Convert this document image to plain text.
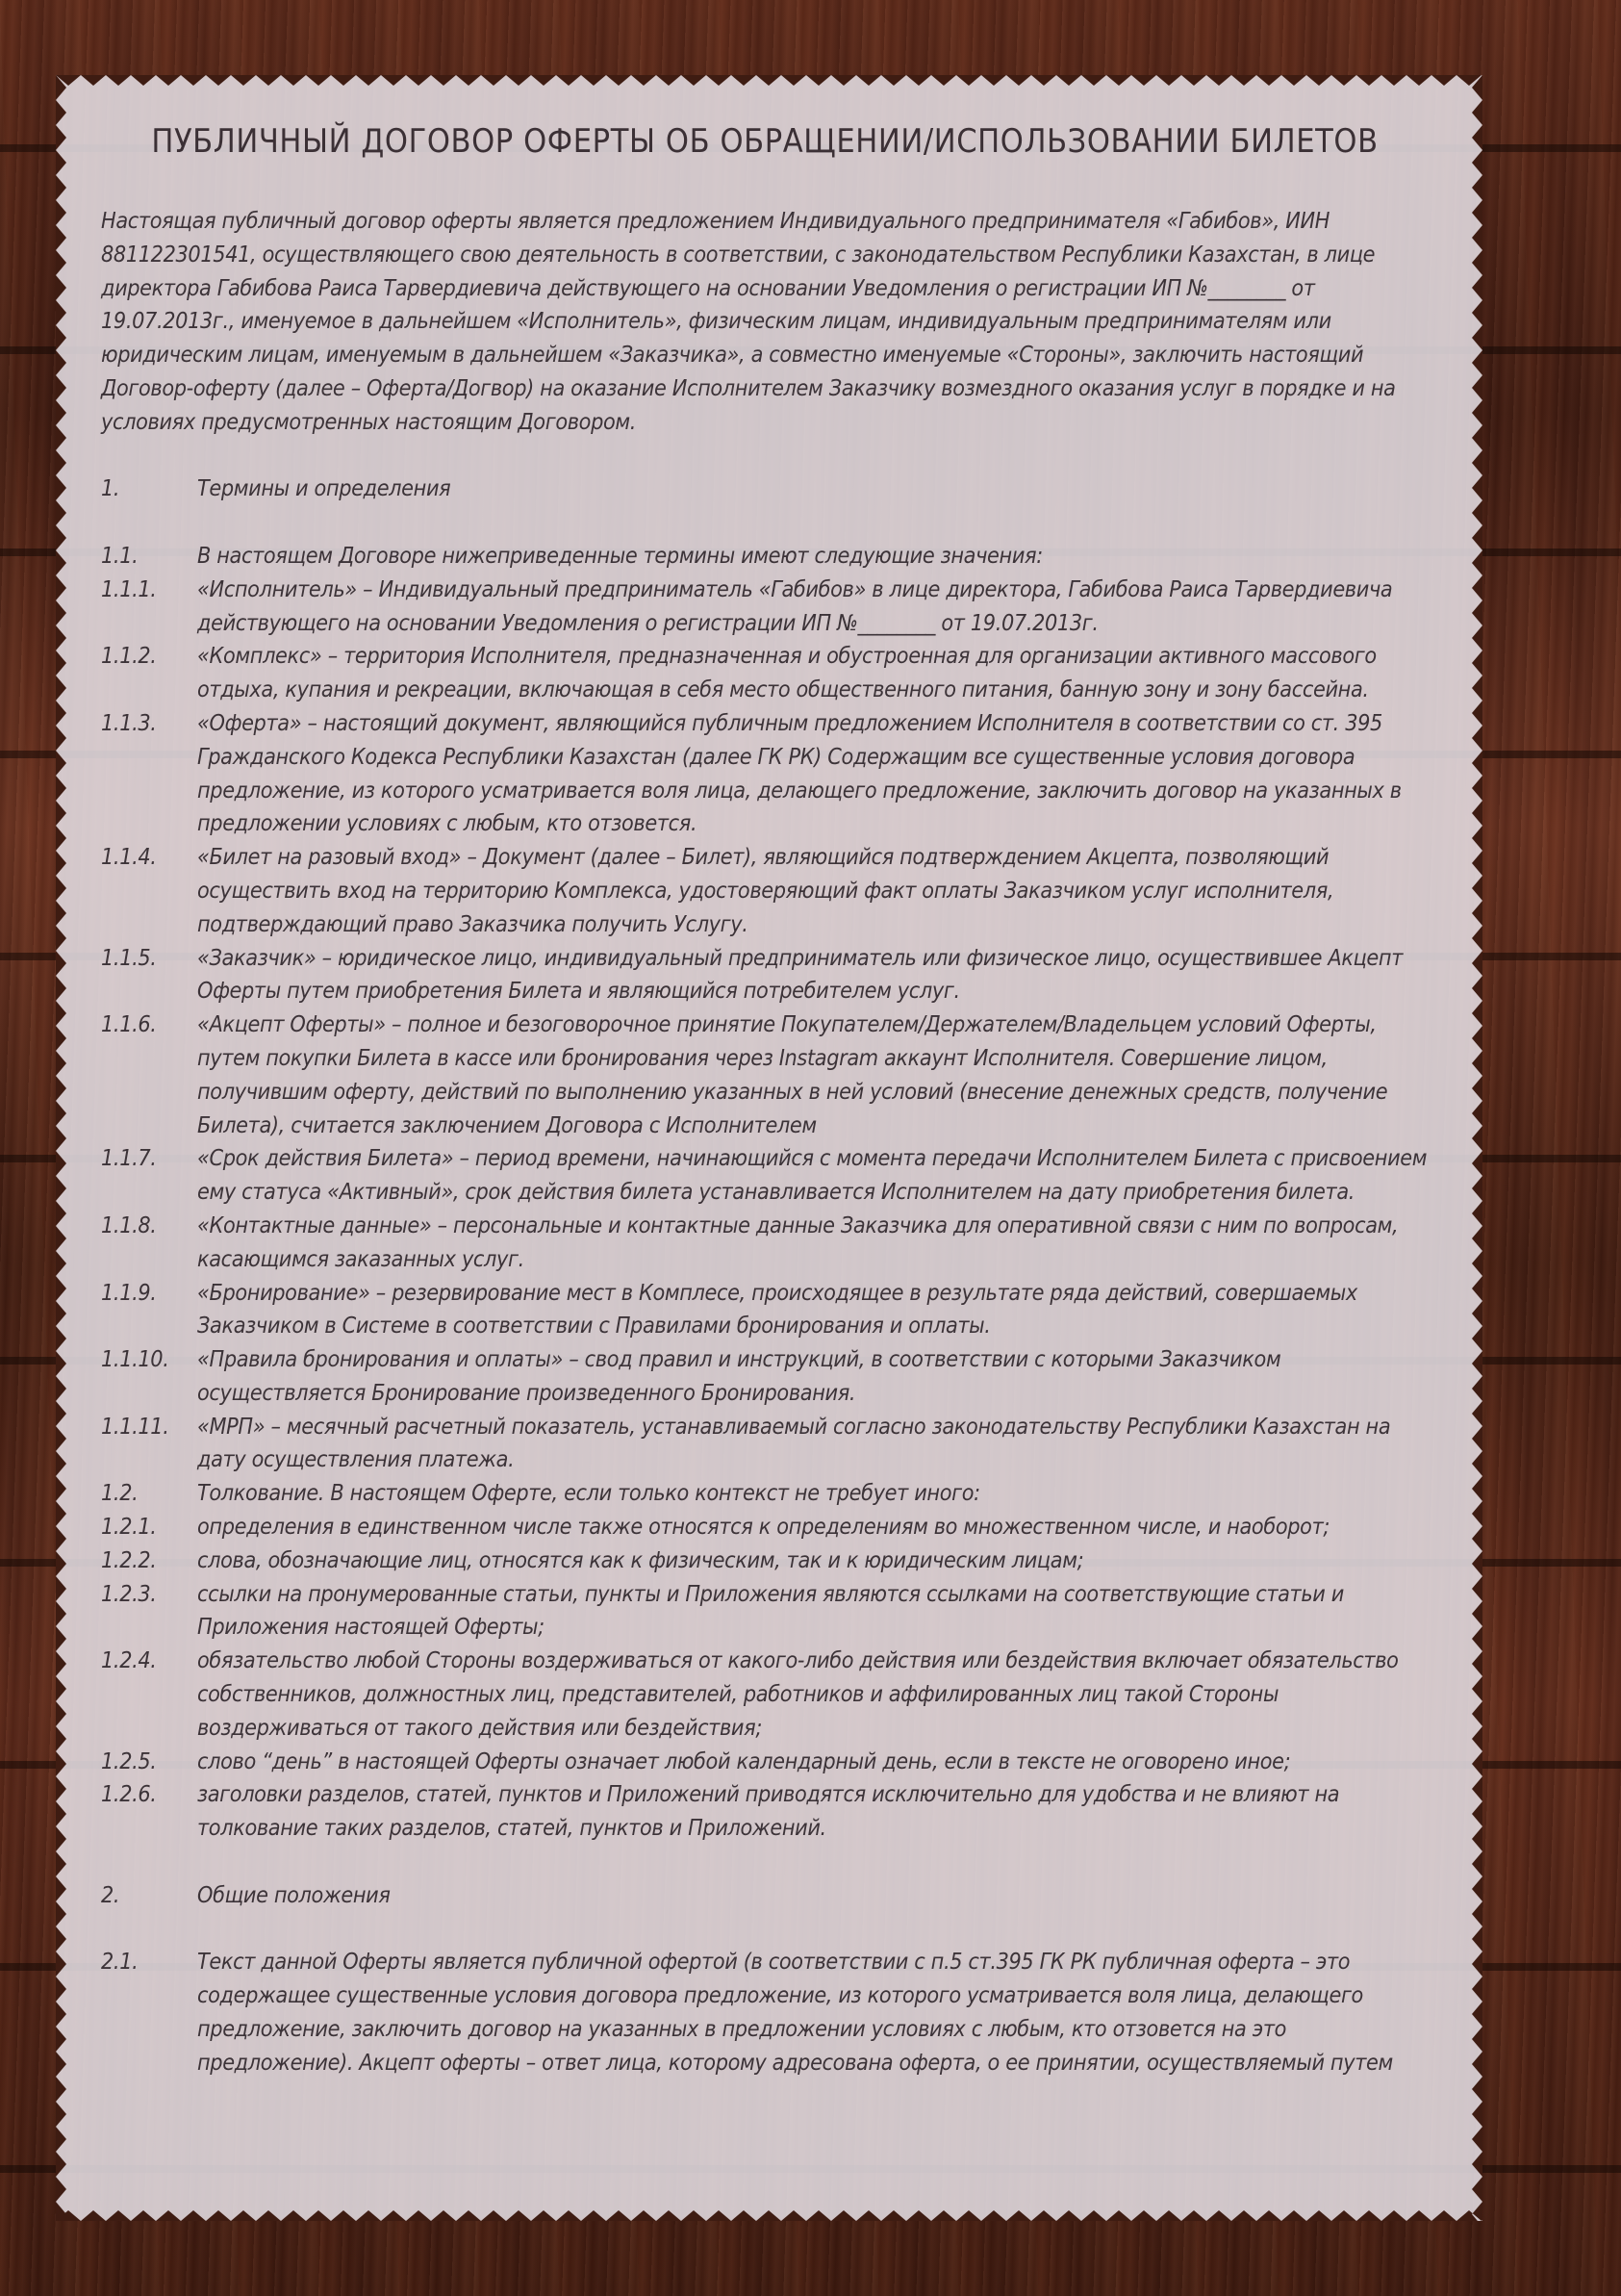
ПУБЛИЧНЫЙ ДОГОВОР ОФЕРТЫ ОБ ОБРАЩЕНИИ/ИСПОЛЬЗОВАНИИ БИЛЕТОВ

Настоящая публичный договор оферты является предложением Индивидуального предпринимателя «Габибов», ИИН 881122301541, осуществляющего свою деятельность в соответствии, с законодательством Республики Казахстан, в лице директора Габибова Раиса Тарвердиевича действующего на основании Уведомления о регистрации ИП №________ от 19.07.2013г., именуемое в дальнейшем «Исполнитель», физическим лицам, индивидуальным предпринимателям или юридическим лицам, именуемым в дальнейшем «Заказчика», а совместно именуемые «Стороны», заключить настоящий Договор-оферту (далее – Оферта/Догвор) на оказание Исполнителем Заказчику возмездного оказания услуг в порядке и на условиях предусмотренных настоящим Договором.

1.	Термины и определения
1.1.	В настоящем Договоре нижеприведенные термины имеют следующие значения:
1.1.1.	«Исполнитель» – Индивидуальный предприниматель «Габибов» в лице директора, Габибова Раиса Тарвердиевича действующего на основании Уведомления о регистрации ИП №________ от 19.07.2013г.
1.1.2.	«Комплекс» – территория Исполнителя, предназначенная и обустроенная для организации активного массового отдыха, купания и рекреации, включающая в себя место общественного питания, банную зону и зону бассейна.
1.1.3.	«Оферта» – настоящий документ, являющийся публичным предложением Исполнителя в соответствии со ст. 395 Гражданского Кодекса Республики Казахстан (далее ГК РК) Содержащим все существенные условия договора предложение, из которого усматривается воля лица, делающего предложение, заключить договор на указанных в предложении условиях с любым, кто отзовется.
1.1.4.	«Билет на разовый вход» – Документ (далее – Билет), являющийся подтверждением Акцепта, позволяющий осуществить вход на территорию Комплекса, удостоверяющий факт оплаты Заказчиком услуг исполнителя, подтверждающий право Заказчика получить Услугу.
1.1.5.	«Заказчик» – юридическое лицо, индивидуальный предприниматель или физическое лицо, осуществившее Акцепт Оферты путем приобретения Билета и являющийся потребителем услуг.
1.1.6.	«Акцепт Оферты» – полное и безоговорочное принятие Покупателем/Держателем/Владельцем условий Оферты, путем покупки Билета в кассе или бронирования через Instagram аккаунт Исполнителя. Совершение лицом, получившим оферту, действий по выполнению указанных в ней условий (внесение денежных средств, получение Билета), считается заключением Договора с Исполнителем
1.1.7.	«Срок действия Билета» – период времени, начинающийся с момента передачи Исполнителем Билета с присвоением ему статуса «Активный», срок действия билета устанавливается Исполнителем на дату приобретения билета.
1.1.8.	«Контактные данные» – персональные и контактные данные Заказчика для оперативной связи с ним по вопросам, касающимся заказанных услуг.
1.1.9.	«Бронирование» – резервирование мест в Комплесе, происходящее в результате ряда действий, совершаемых Заказчиком в Системе в соответствии с Правилами бронирования и оплаты.
1.1.10.	«Правила бронирования и оплаты» – свод правил и инструкций, в соответствии с которыми Заказчиком осуществляется Бронирование произведенного Бронирования.
1.1.11.	«МРП» – месячный расчетный показатель, устанавливаемый согласно законодательству Республики Казахстан на дату осуществления платежа.
1.2.	Толкование. В настоящем Оферте, если только контекст не требует иного:
1.2.1.	определения в единственном числе также относятся к определениям во множественном числе, и наоборот;
1.2.2.	слова, обозначающие лиц, относятся как к физическим, так и к юридическим лицам;
1.2.3.	ссылки на пронумерованные статьи, пункты и Приложения являются ссылками на соответствующие статьи и Приложения настоящей Оферты;
1.2.4.	обязательство любой Стороны воздерживаться от какого-либо действия или бездействия включает обязательство собственников, должностных лиц, представителей, работников и аффилированных лиц такой Стороны воздерживаться от такого действия или бездействия;
1.2.5.	слово “день” в настоящей Оферты означает любой календарный день, если в тексте не оговорено иное;
1.2.6.	заголовки разделов, статей, пунктов и Приложений приводятся исключительно для удобства и не влияют на толкование таких разделов, статей, пунктов и Приложений.
2.	Общие положения
2.1.	Текст данной Оферты является публичной офертой (в соответствии с п.5 ст.395 ГК РК публичная оферта – это содержащее существенные условия договора предложение, из которого усматривается воля лица, делающего предложение, заключить договор на указанных в предложении условиях с любым, кто отзовется на это предложение). Акцепт оферты – ответ лица, которому адресована оферта, о ее принятии, осуществляемый путем
